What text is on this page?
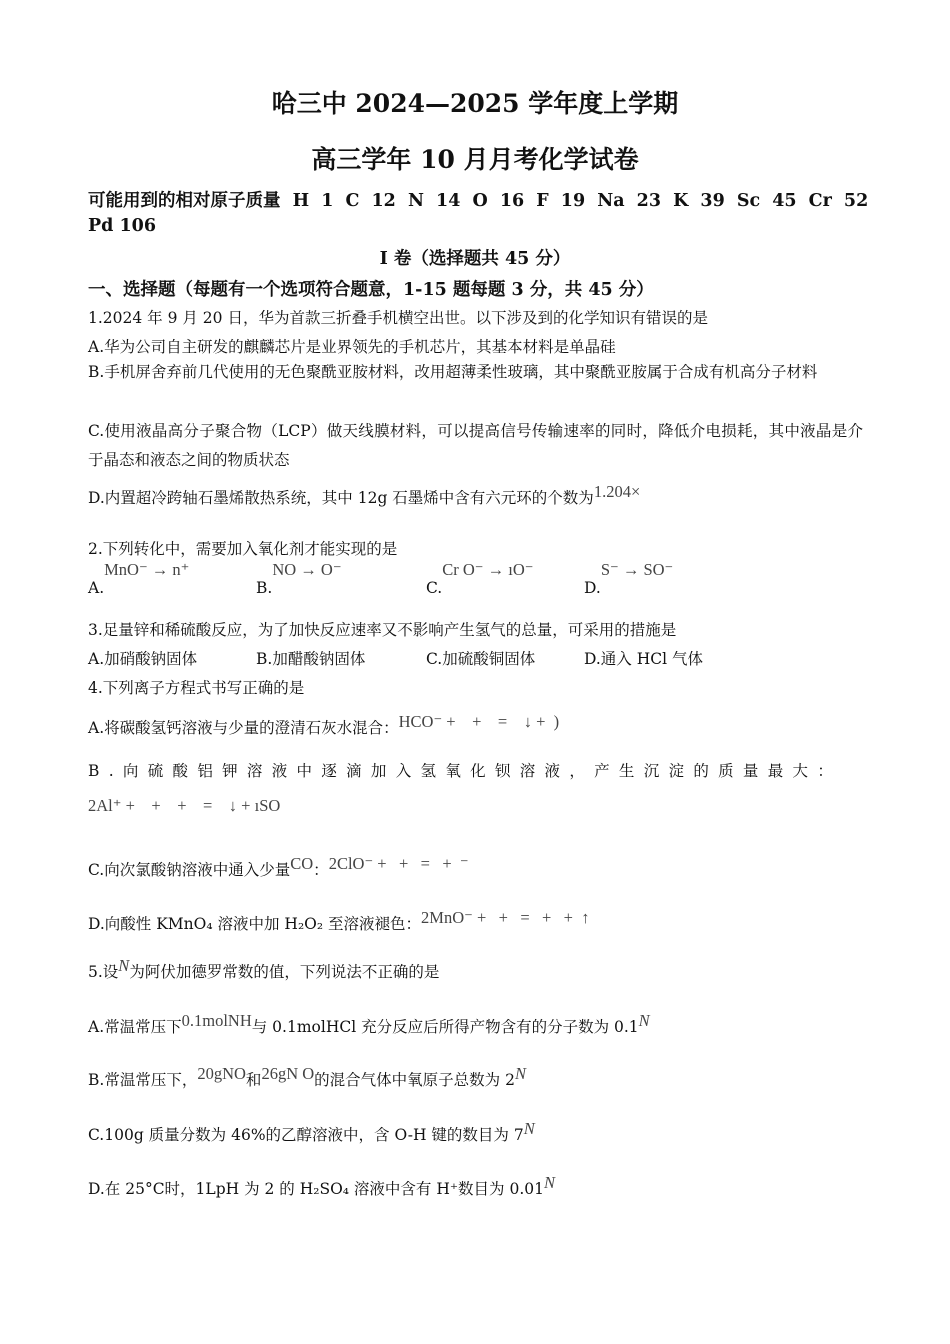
哈三中 2024—2025 学年度上学期
高三学年 10 月月考化学试卷
可能用到的相对原子质量 H 1 C 12 N 14 O 16 F 19 Na 23 K 39 Sc 45 Cr 52
Pd 106
I 卷（选择题共 45 分）
一、选择题（每题有一个选项符合题意，1-15 题每题 3 分，共 45 分）
1.2024 年 9 月 20 日，华为首款三折叠手机横空出世。以下涉及到的化学知识有错误的是
A.华为公司自主研发的麒麟芯片是业界领先的手机芯片，其基本材料是单晶硅
B.手机屏舍弃前几代使用的无色聚酰亚胺材料，改用超薄柔性玻璃，其中聚酰亚胺属于合成有机高分子材料
C.使用液晶高分子聚合物（LCP）做天线膜材料，可以提高信号传输速率的同时，降低介电损耗，其中液晶是介于晶态和液态之间的物质状态
D.内置超冷跨轴石墨烯散热系统，其中 12g 石墨烯中含有六元环的个数为1.204×
2.下列转化中，需要加入氧化剂才能实现的是
A.MnO⁻ → n⁺
B.NO → O⁻
C.Cr O⁻ → ıO⁻
D.S⁻ → SO⁻
3.足量锌和稀硫酸反应，为了加快反应速率又不影响产生氢气的总量，可采用的措施是
A.加硝酸钠固体	B.加醋酸钠固体	C.加硫酸铜固体	D.通入 HCl 气体
4.下列离子方程式书写正确的是
A.将碳酸氢钙溶液与少量的澄清石灰水混合：HCO⁻ +    +    =    ↓ +  )
B.向硫酸铝钾溶液中逐滴加入氢氧化钡溶液，产生沉淀的质量最大：
2Al⁺ +    +    +    =    ↓ + ıSO
C.向次氯酸钠溶液中通入少量CO：2ClO⁻ +   +   =   +  ⁻
D.向酸性 KMnO₄ 溶液中加 H₂O₂ 至溶液褪色：2MnO⁻ +   +   =   +   +  ↑
5.设N为阿伏加德罗常数的值，下列说法不正确的是
A.常温常压下0.1molNH与 0.1molHCl 充分反应后所得产物含有的分子数为 0.1N
B.常温常压下，20gNO和26gN O的混合气体中氧原子总数为 2N
C.100g 质量分数为 46%的乙醇溶液中，含 O-H 键的数目为 7N
D.在 25°C时，1LpH 为 2 的 H₂SO₄ 溶液中含有 H⁺数目为 0.01N
